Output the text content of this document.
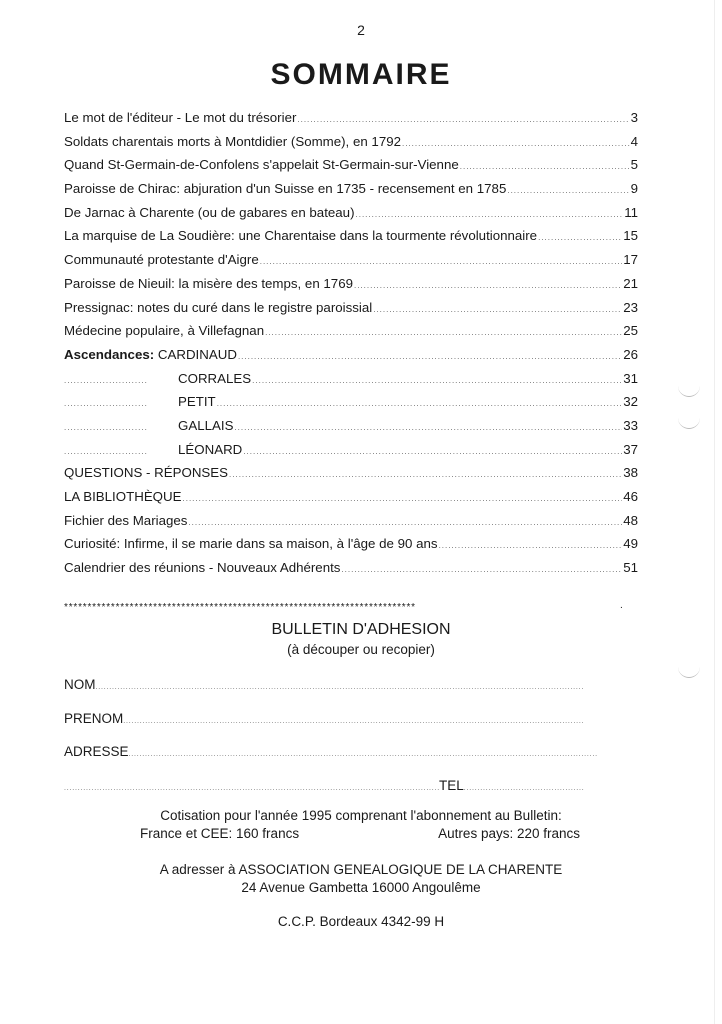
2
SOMMAIRE
Le mot de l'éditeur - Le mot du trésorier .....	3
Soldats charentais morts à Montdidier (Somme), en 1792 .....	4
Quand St-Germain-de-Confolens s'appelait St-Germain-sur-Vienne .....	5
Paroisse de Chirac: abjuration d'un Suisse en 1735 - recensement en 1785 .....	9
De Jarnac à Charente (ou de gabares en bateau) .....	11
La marquise de La Soudière: une Charentaise dans la tourmente révolutionnaire .....	15
Communauté protestante d'Aigre .....	17
Paroisse de Nieuil: la misère des temps, en 1769 .....	21
Pressignac: notes du curé dans le registre paroissial .....	23
Médecine populaire, à Villefagnan .....	25
Ascendances: CARDINAUD .....	26
.....
CORRALES .....	31
.....
PETIT .....	32
.....
GALLAIS .....	33
.....
LÉONARD .....	37
QUESTIONS - RÉPONSES .....	38
LA BIBLIOTHÈQUE .....	46
Fichier des Mariages .....	48
Curiosité: Infirme, il se marie dans sa maison, à l'âge de 90 ans .....	49
Calendrier des réunions - Nouveaux Adhérents .....	51
***************************************************************************	.
BULLETIN D'ADHESION
(à découper ou recopier)
NOM
.....
PRENOM
.....
ADRESSE
.....
.....
TEL
.....
Cotisation pour l'année 1995 comprenant l'abonnement au Bulletin:
France et CEE: 160 francs	Autres pays: 220 francs
A adresser à ASSOCIATION GENEALOGIQUE DE LA CHARENTE
24 Avenue Gambetta 16000 Angoulême
C.C.P. Bordeaux 4342-99 H
